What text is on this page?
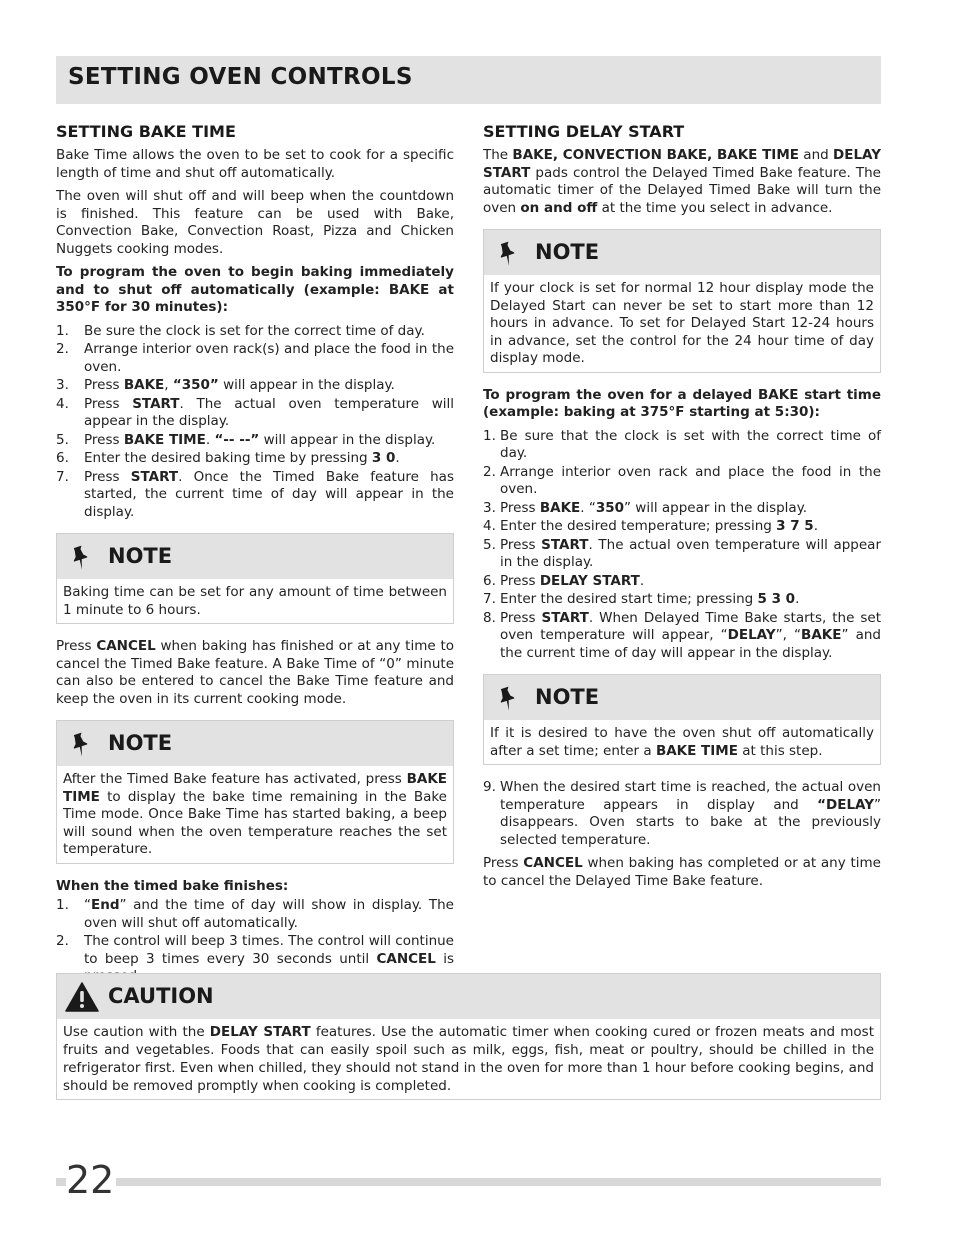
SETTING OVEN CONTROLS
SETTING BAKE TIME

Bake Time allows the oven to be set to cook for a specific length of time and shut off automatically.

The oven will shut off and will beep when the countdown is finished. This feature can be used with Bake, Convection Bake, Convection Roast, Pizza and Chicken Nuggets cooking modes.

To program the oven to begin baking immediately and to shut off automatically (example: BAKE at 350°F for 30 minutes):

1. Be sure the clock is set for the correct time of day.
2. Arrange interior oven rack(s) and place the food in the oven.
3. Press BAKE, “350” will appear in the display.
4. Press START. The actual oven temperature will appear in the display.
5. Press BAKE TIME. “-- --” will appear in the display.
6. Enter the desired baking time by pressing 3 0.
7. Press START. Once the Timed Bake feature has started, the current time of day will appear in the display.
NOTE
Baking time can be set for any amount of time between 1 minute to 6 hours.

Press CANCEL when baking has finished or at any time to cancel the Timed Bake feature. A Bake Time of “0” minute can also be entered to cancel the Bake Time feature and keep the oven in its current cooking mode.

NOTE
After the Timed Bake feature has activated, press BAKE TIME to display the bake time remaining in the Bake Time mode. Once Bake Time has started baking, a beep will sound when the oven temperature reaches the set temperature.

When the timed bake finishes:

1. “End” and the time of day will show in display. The oven will shut off automatically.
2. The control will beep 3 times. The control will continue to beep 3 times every 30 seconds until CANCEL is
SETTING DELAY START

The BAKE, CONVECTION BAKE, BAKE TIME and DELAY START pads control the Delayed Timed Bake feature. The automatic timer of the Delayed Timed Bake will turn the oven on and off at the time you select in advance.

NOTE
If your clock is set for normal 12 hour display mode the Delayed Start can never be set to start more than 12 hours in advance. To set for Delayed Start 12-24 hours in advance, set the control for the 24 hour time of day display mode.

To program the oven for a delayed BAKE start time (example: baking at 375°F starting at 5:30):

1. Be sure that the clock is set with the correct time of day.
2. Arrange interior oven rack and place the food in the oven.
3. Press BAKE. “350” will appear in the display.
4. Enter the desired temperature; pressing 3 7 5.
5. Press START. The actual oven temperature will appear in the display.
6. Press DELAY START.
7. Enter the desired start time; pressing 5 3 0.
8. Press START. When Delayed Time Bake starts, the set oven temperature will appear, “DELAY”, “BAKE” and the current time of day will appear in the display.
NOTE
If it is desired to have the oven shut off automatically after a set time; enter a BAKE TIME at this step.
9. When the desired start time is reached, the actual oven temperature appears in display and “DELAY” disappears. Oven starts to bake at the previously selected temperature.

Press CANCEL when baking has completed or at any time to cancel the Delayed Time Bake feature.

CAUTION
Use caution with the DELAY START features. Use the automatic timer when cooking cured or frozen meats and most fruits and vegetables. Foods that can easily spoil such as milk, eggs, fish, meat or poultry, should be chilled in the refrigerator first. Even when chilled, they should not stand in the oven for more than 1 hour before cooking begins, and should be removed promptly when cooking is completed.
22
